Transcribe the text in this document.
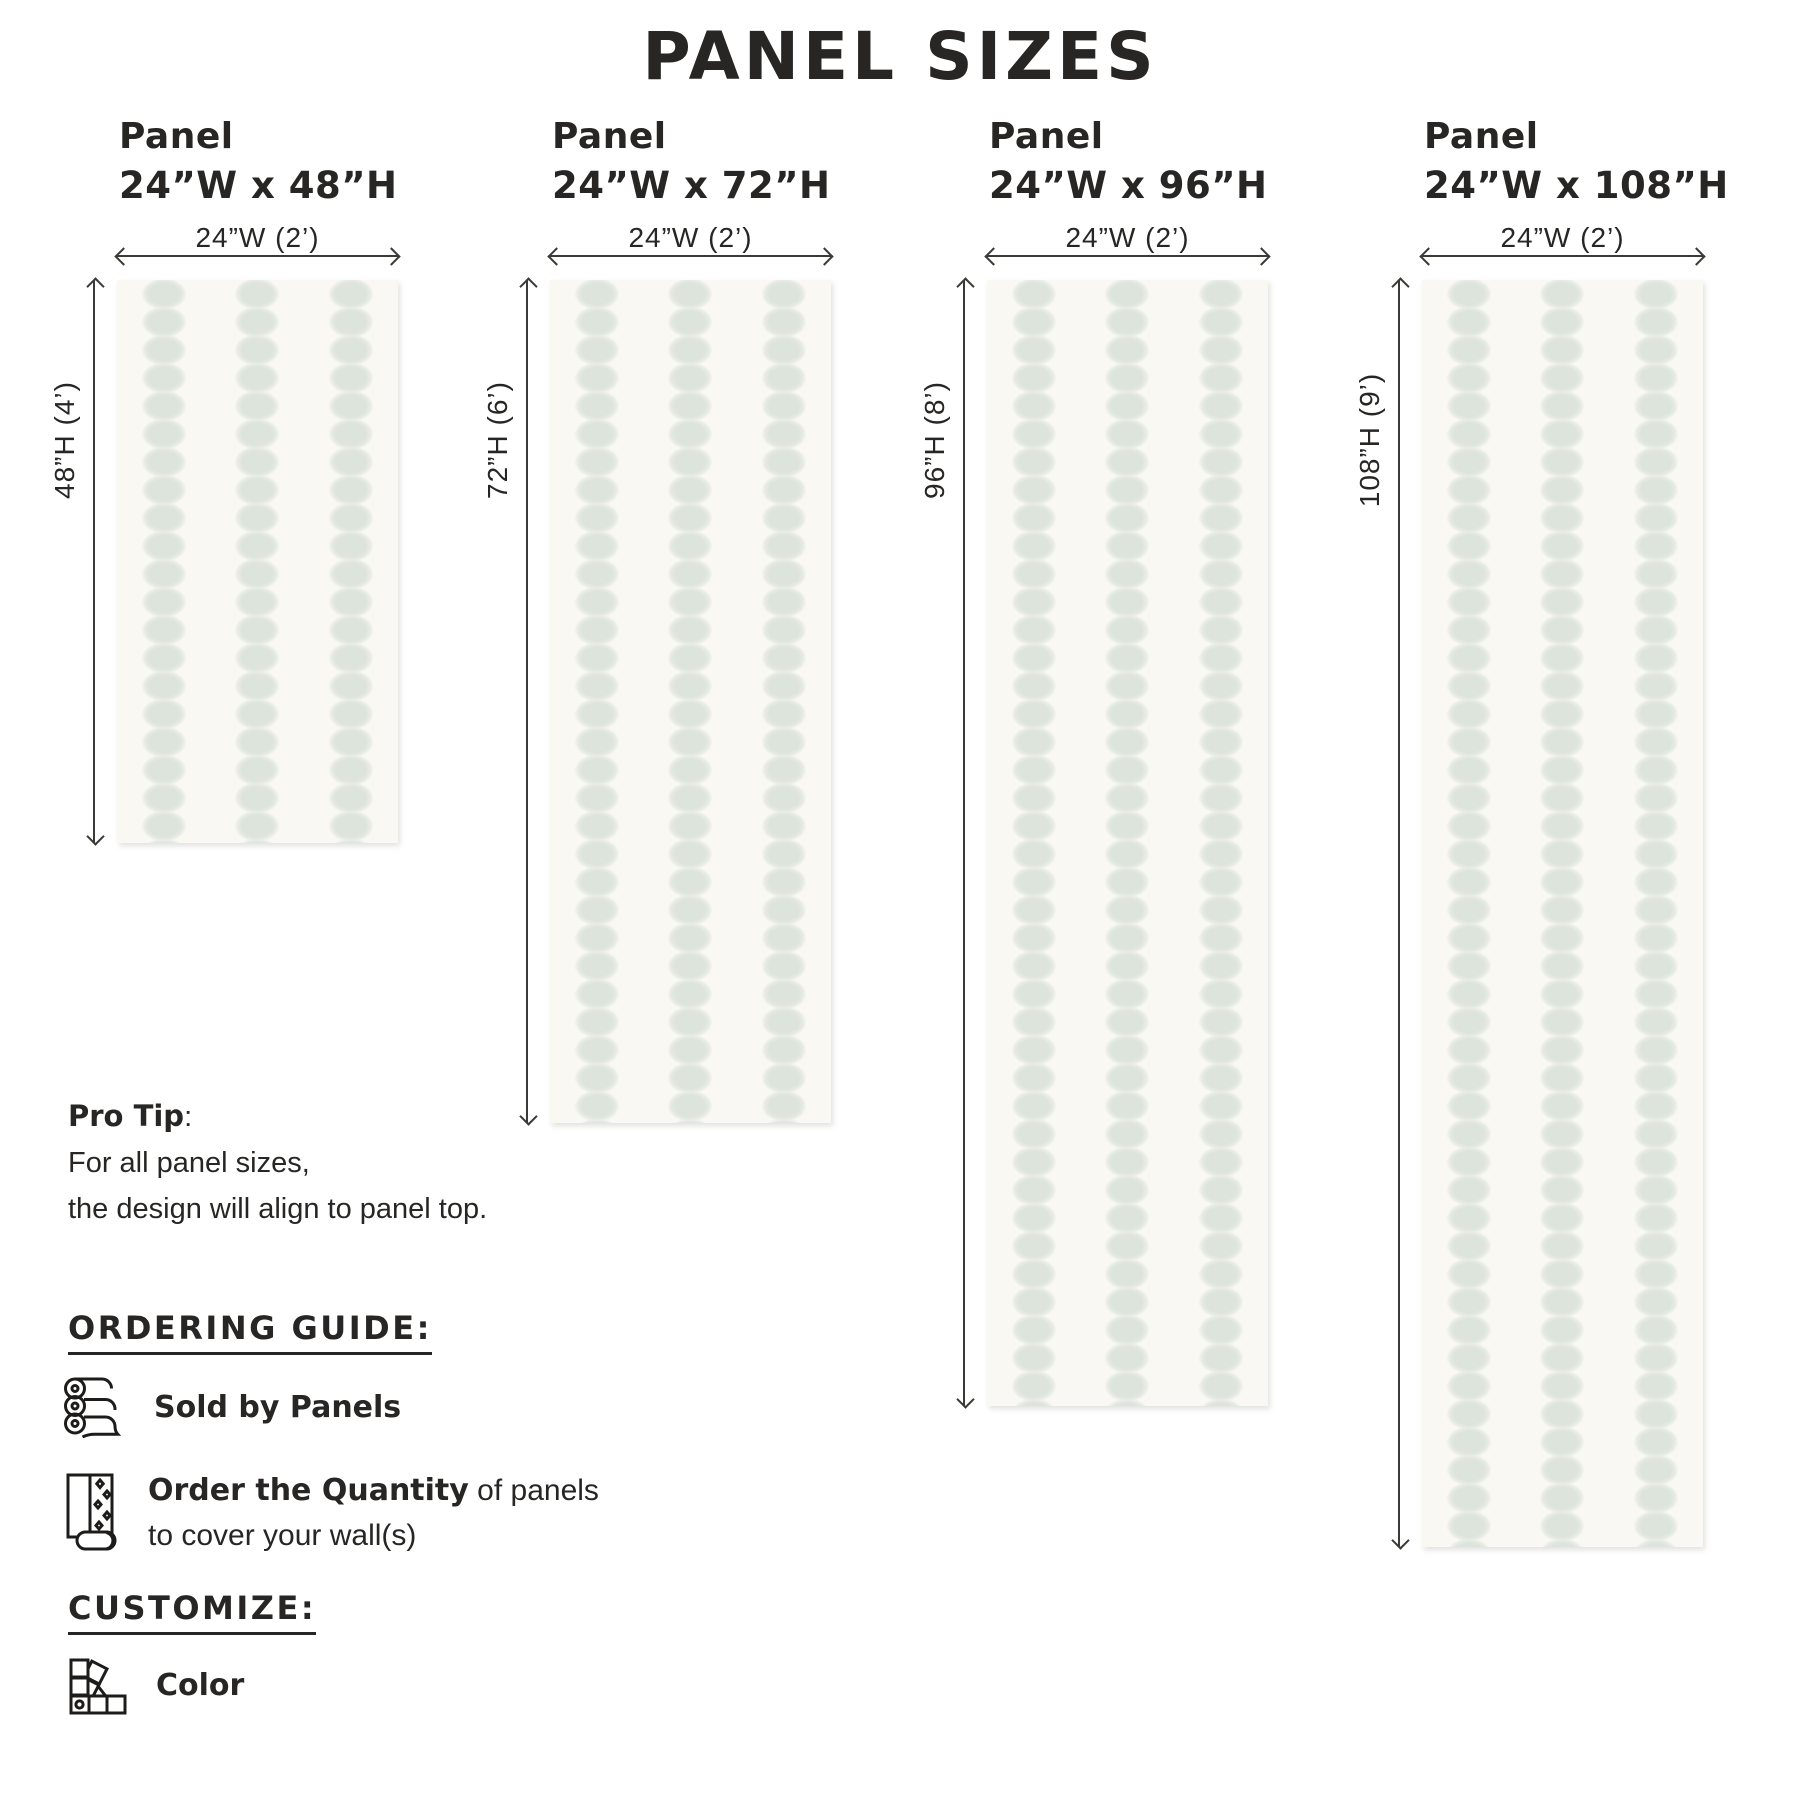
PANEL SIZES
Panel
24”W x 48”H
24”W (2’)
48”H (4’)
Panel
24”W x 72”H
24”W (2’)
72”H (6’)
Panel
24”W x 96”H
24”W (2’)
96”H (8’)
Panel
24”W x 108”H
24”W (2’)
108”H (9’)
Pro Tip:
For all panel sizes,
the design will align to panel top.
ORDERING GUIDE:
Sold by Panels
Order the Quantity of panels
to cover your wall(s)
CUSTOMIZE:
Color
